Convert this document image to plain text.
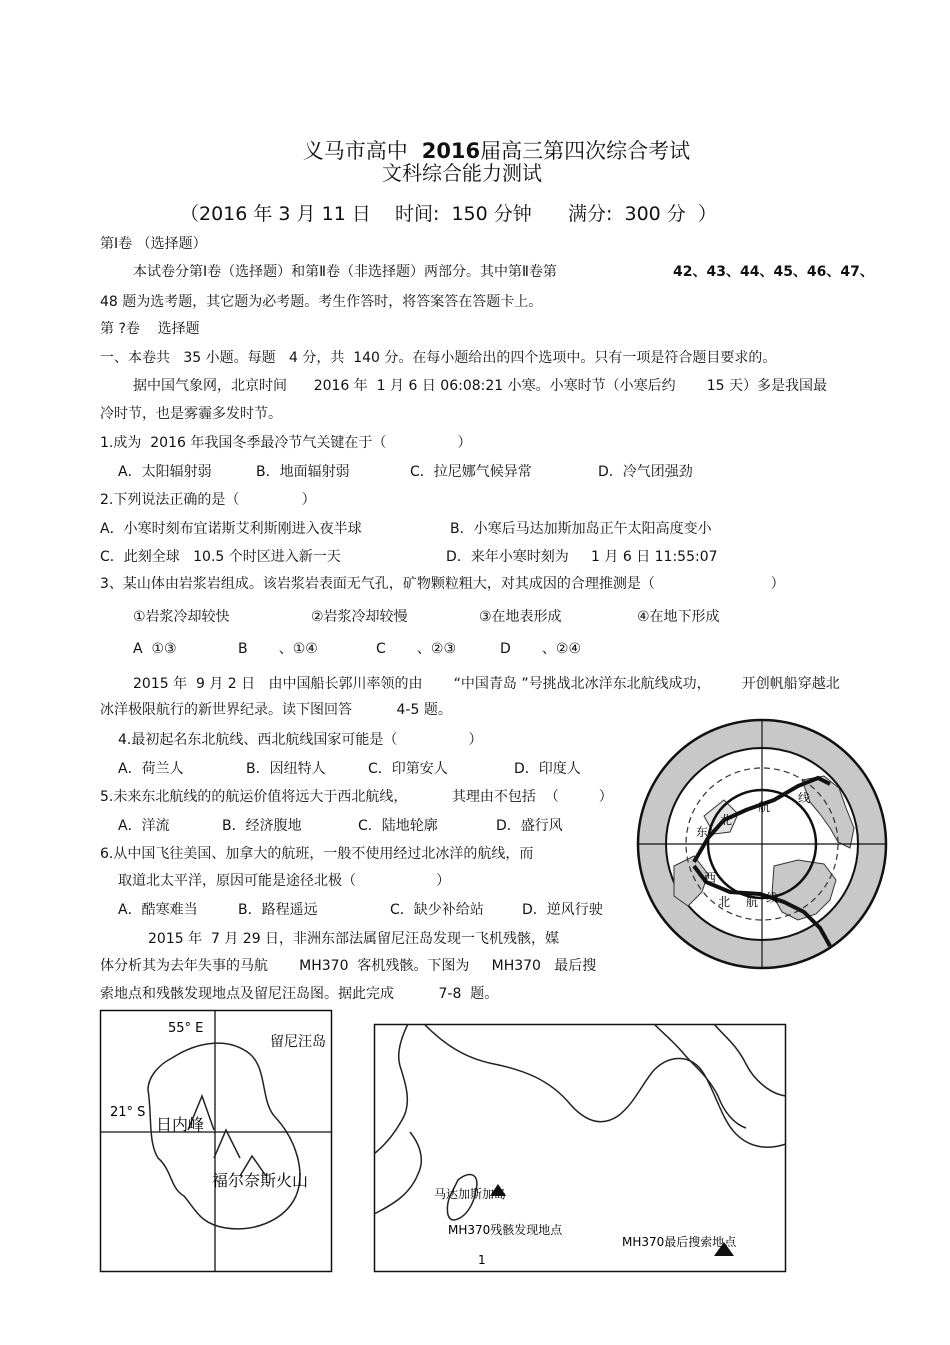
义马市高中 2016届高三第四次综合考试

文科综合能力测试
（2016 年 3 月 11 日    时间:  150 分钟      满分:  300 分  ）
第Ⅰ卷 （选择题）
本试卷分第Ⅰ卷（选择题）和第Ⅱ卷（非选择题）两部分。其中第Ⅱ卷第	42、43、44、45、46、47、
48 题为选考题，其它题为必考题。考生作答时，将答案答在答题卡上。
第 ?卷    选择题
一、本卷共   35 小题。每题   4 分，共  140 分。在每小题给出的四个选项中。只有一项是符合题目要求的。
据中国气象网，北京时间      2016 年  1 月 6 日 06:08:21 小寒。小寒时节（小寒后约       15 天）多是我国最
冷时节，也是雾霾多发时节。
1.成为  2016 年我国冬季最冷节气关键在于（                ）
A．太阳辐射弱	B．地面辐射弱	C．拉尼娜气候异常	D．冷气团强劲
2.下列说法正确的是（              ）
A．小寒时刻布宜诺斯艾利斯刚进入夜半球	B．小寒后马达加斯加岛正午太阳高度变小
C．此刻全球   10.5 个时区进入新一天	D．来年小寒时刻为     1 月 6 日 11:55:07
3、某山体由岩浆岩组成。该岩浆岩表面无气孔，矿物颗粒粗大，对其成因的合理推测是（                          ）
①岩浆冷却较快	②岩浆冷却较慢	③在地表形成	④在地下形成
A  ①③	B       、①④	C       、②③	D       、②④
2015 年  9 月 2 日   由中国船长郭川率领的由       “中国青岛 ”号挑战北冰洋东北航线成功，       开创帆船穿越北
冰洋极限航行的新世界纪录。读下图回答          4-5 题。
4.最初起名东北航线、西北航线国家可能是（                ）
A．荷兰人	B．因纽特人	C．印第安人	D．印度人
5.未来东北航线的的航运价值将远大于西北航线，          其理由不包括  （         ）
A．洋流	B．经济腹地	C．陆地轮廓	D．盛行风
6.从中国飞往美国、加拿大的航班，一般不使用经过北冰洋的航线，而
取道北太平洋，原因可能是途径北极（                  ）
A．酷寒难当	B．路程遥远	C．缺少补给站	D．逆风行驶
2015 年  7 月 29 日，非洲东部法属留尼汪岛发现一飞机残骸，媒
体分析其为去年失事的马航       MH370  客机残骸。下图为     MH370   最后搜
索地点和残骸发现地点及留尼汪岛图。据此完成          7-8  题。
航
线
北
东
西
北 航 线
55° E
21° S
留尼汪岛
日内峰
福尔奈斯火山
马达加斯加岛
MH370残骸发现地点
MH370最后搜索地点
1
